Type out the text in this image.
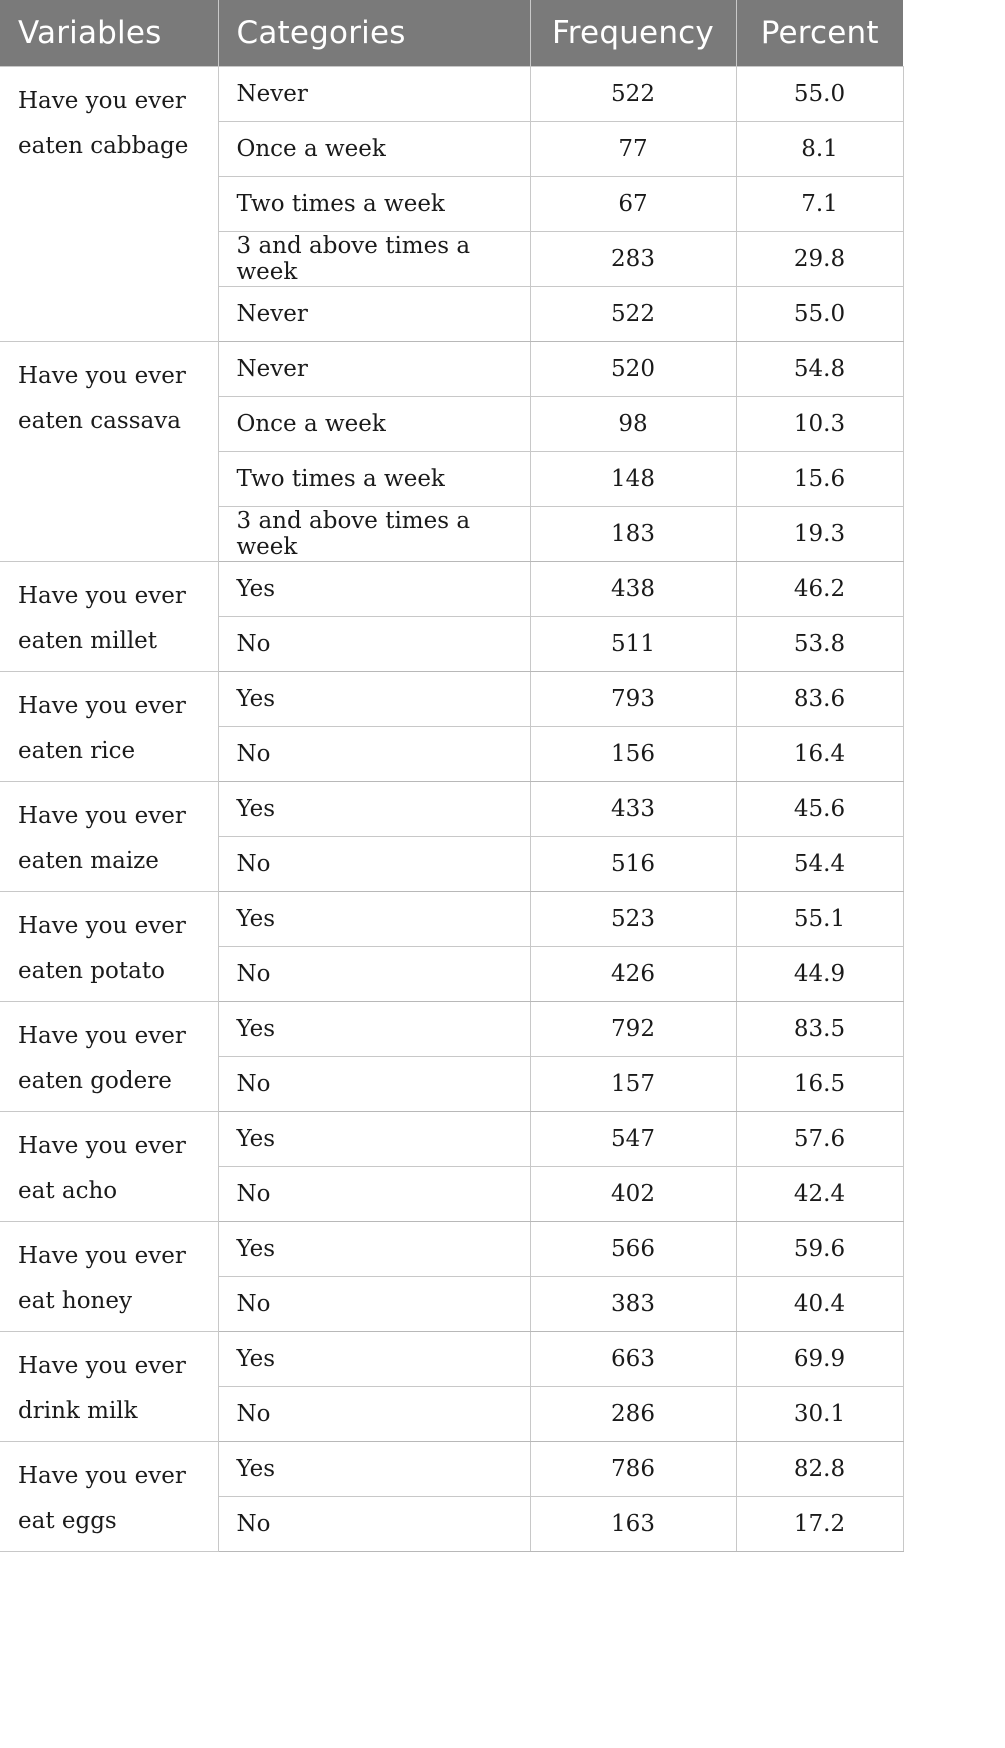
Variables	Categories	Frequency	Percent

Have you ever eaten cabbage	Never	522	55.0
	Once a week	77	8.1
	Two times a week	67	7.1
	3 and above times a week	283	29.8
	Never	522	55.0

Have you ever eaten cassava	Never	520	54.8
	Once a week	98	10.3
	Two times a week	148	15.6
	3 and above times a week	183	19.3

Have you ever eaten millet	Yes	438	46.2
	No	511	53.8

Have you ever eaten rice	Yes	793	83.6
	No	156	16.4

Have you ever eaten maize	Yes	433	45.6
	No	516	54.4

Have you ever eaten potato	Yes	523	55.1
	No	426	44.9

Have you ever eaten godere	Yes	792	83.5
	No	157	16.5

Have you ever eat acho	Yes	547	57.6
	No	402	42.4

Have you ever eat honey	Yes	566	59.6
	No	383	40.4

Have you ever drink milk	Yes	663	69.9
	No	286	30.1

Have you ever eat eggs	Yes	786	82.8
	No	163	17.2
